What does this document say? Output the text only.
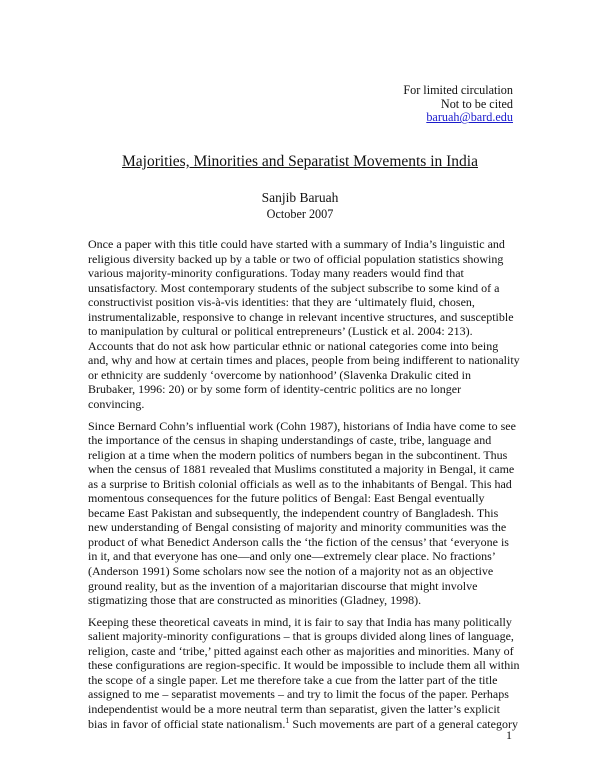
For limited circulation
Not to be cited
baruah@bard.edu
Majorities, Minorities and Separatist Movements in India
Sanjib Baruah
October 2007

Once a paper with this title could have started with a summary of India’s linguistic and
religious diversity backed up by a table or two of official population statistics showing
various majority-minority configurations. Today many readers would find that
unsatisfactory. Most contemporary students of the subject subscribe to some kind of a
constructivist position vis-à-vis identities: that they are ‘ultimately fluid, chosen,
instrumentalizable, responsive to change in relevant incentive structures, and susceptible
to manipulation by cultural or political entrepreneurs’ (Lustick et al. 2004: 213).
Accounts that do not ask how particular ethnic or national categories come into being
and, why and how at certain times and places, people from being indifferent to nationality
or ethnicity are suddenly ‘overcome by nationhood’ (Slavenka Drakulic cited in
Brubaker, 1996: 20) or by some form of identity-centric politics are no longer
convincing.

Since Bernard Cohn’s influential work (Cohn 1987), historians of India have come to see
the importance of the census in shaping understandings of caste, tribe, language and
religion at a time when the modern politics of numbers began in the subcontinent. Thus
when the census of 1881 revealed that Muslims constituted a majority in Bengal, it came
as a surprise to British colonial officials as well as to the inhabitants of Bengal. This had
momentous consequences for the future politics of Bengal: East Bengal eventually
became East Pakistan and subsequently, the independent country of Bangladesh. This
new understanding of Bengal consisting of majority and minority communities was the
product of what Benedict Anderson calls the ‘the fiction of the census’ that ‘everyone is
in it, and that everyone has one—and only one—extremely clear place. No fractions’
(Anderson 1991) Some scholars now see the notion of a majority not as an objective
ground reality, but as the invention of a majoritarian discourse that might involve
stigmatizing those that are constructed as minorities (Gladney, 1998).

Keeping these theoretical caveats in mind, it is fair to say that India has many politically
salient majority-minority configurations – that is groups divided along lines of language,
religion, caste and ‘tribe,’ pitted against each other as majorities and minorities. Many of
these configurations are region-specific. It would be impossible to include them all within
the scope of a single paper. Let me therefore take a cue from the latter part of the title
assigned to me – separatist movements – and try to limit the focus of the paper. Perhaps
independentist would be a more neutral term than separatist, given the latter’s explicit
bias in favor of official state nationalism.$^1$ Such movements are part of a general category

1
